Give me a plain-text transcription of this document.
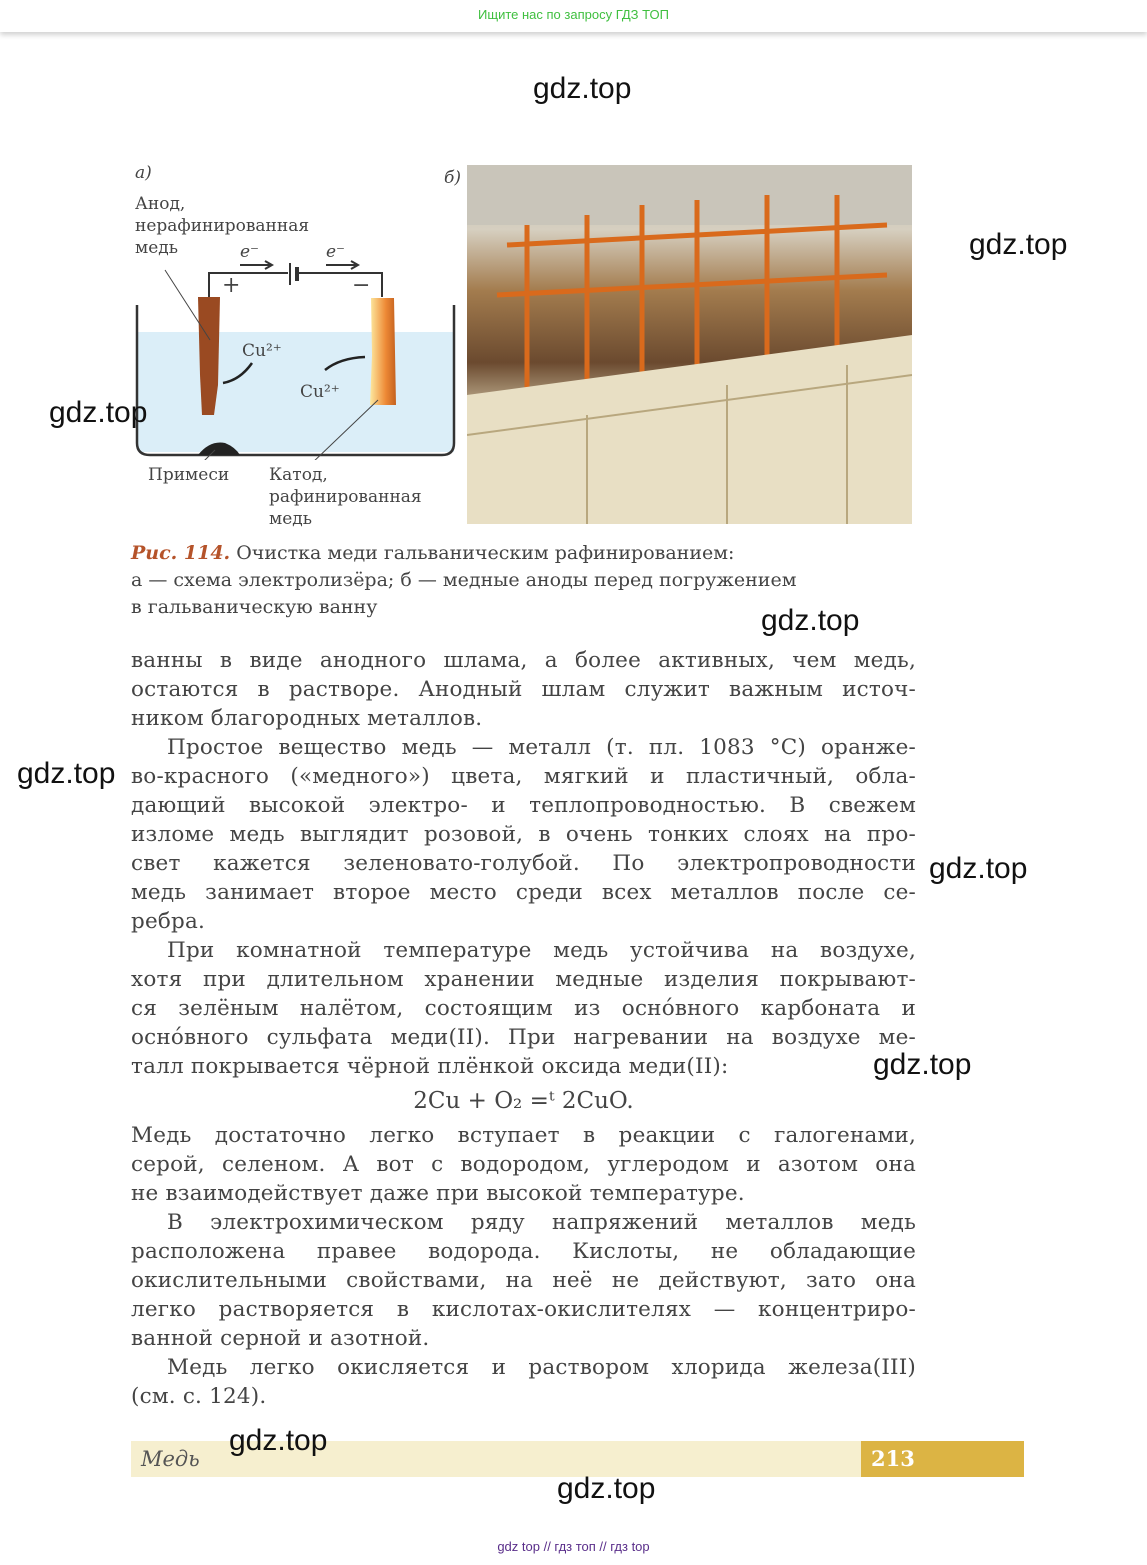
Ищите нас по запросу ГДЗ ТОП
а)
Анод,
нерафинированная
медь	e⁻	e⁻
+	−
Cu²⁺
Cu²⁺
Примеси Катод,
рафинированная
медь
б)
Рис. 114. Очистка меди гальваническим рафинированием:
а — схема электролизёра; б — медные аноды перед погружением
в гальваническую ванну
ванны в виде анодного шлама, а более активных, чем медь,
остаются в растворе. Анодный шлам служит важным источ-
ником благородных металлов.
Простое вещество медь — металл (т. пл. 1083 °С) оранже-
во-красного («медного») цвета, мягкий и пластичный, обла-
дающий высокой электро- и теплопроводностью. В свежем
изломе медь выглядит розовой, в очень тонких слоях на про-
свет кажется зеленовато-голубой. По электропроводности
медь занимает второе место среди всех металлов после се-
ребра.
При комнатной температуре медь устойчива на воздухе,
хотя при длительном хранении медные изделия покрывают-
ся зелёным налётом, состоящим из осно́вного карбоната и
осно́вного сульфата меди(II). При нагревании на воздухе ме-
талл покрывается чёрной плёнкой оксида меди(II):
2Cu + O₂ =ᵗ 2CuO.
Медь достаточно легко вступает в реакции с галогенами,
серой, селеном. А вот с водородом, углеродом и азотом она
не взаимодействует даже при высокой температуре.
В электрохимическом ряду напряжений металлов медь
расположена правее водорода. Кислоты, не обладающие
окислительными свойствами, на неё не действуют, зато она
легко растворяется в кислотах-окислителях — концентриро-
ванной серной и азотной.
Медь легко окисляется и раствором хлорида железа(III)
(см. с. 124).
Медь	213
gdz top // гдз топ // гдз top
gdz.top
gdz.top
gdz.top
gdz.top
gdz.top
gdz.top
gdz.top
gdz.top
gdz.top
